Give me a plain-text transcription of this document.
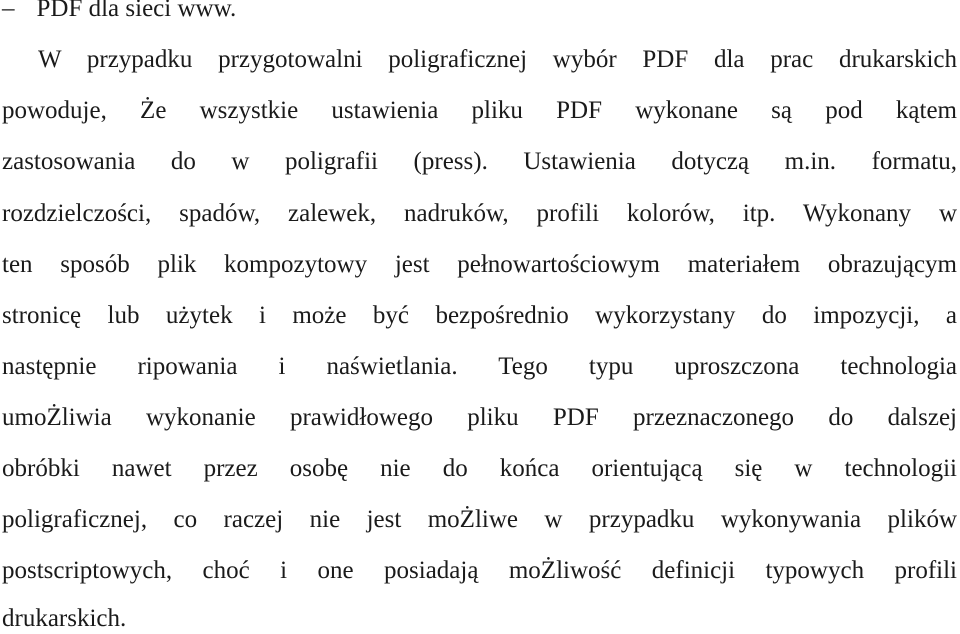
– PDF dla sieci www.
W przypadku przygotowalni poligraficznej wybór PDF dla prac drukarskich
powoduje, Że wszystkie ustawienia pliku PDF wykonane są pod kątem
zastosowania do w poligrafii (press). Ustawienia dotyczą m.in. formatu,
rozdzielczości, spadów, zalewek, nadruków, profili kolorów, itp. Wykonany w
ten sposób plik kompozytowy jest pełnowartościowym materiałem obrazującym
stronicę lub użytek i może być bezpośrednio wykorzystany do impozycji, a
następnie ripowania i naświetlania. Tego typu uproszczona technologia
umoŻliwia wykonanie prawidłowego pliku PDF przeznaczonego do dalszej
obróbki nawet przez osobę nie do końca orientującą się w technologii
poligraficznej, co raczej nie jest moŻliwe w przypadku wykonywania plików
postscriptowych, choć i one posiadają moŻliwość definicji typowych profili
drukarskich.
